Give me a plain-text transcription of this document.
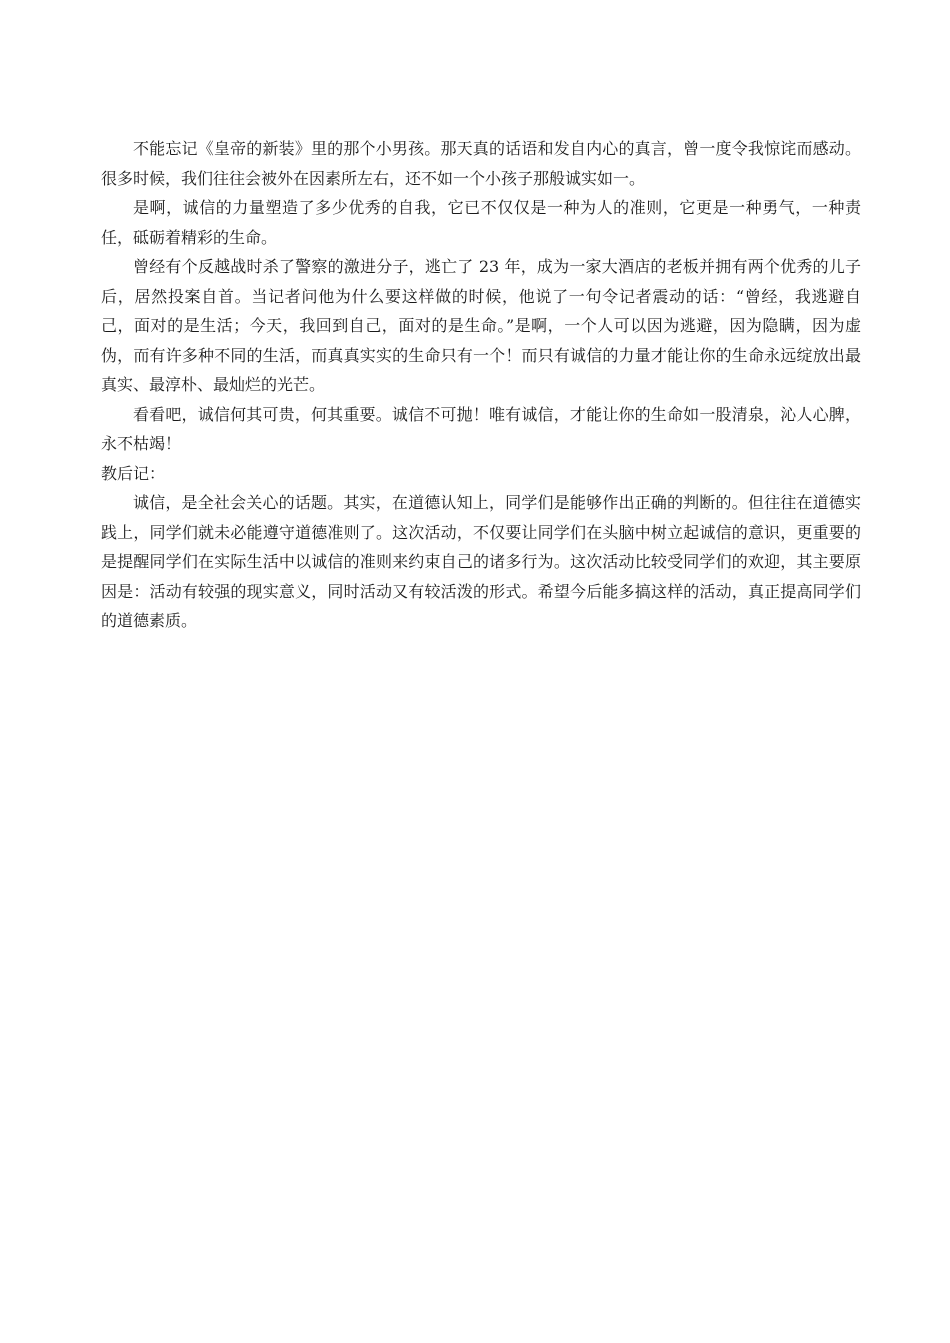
不能忘记《皇帝的新装》里的那个小男孩。那天真的话语和发自内心的真言，曾一度令我惊诧而感动。很多时候，我们往往会被外在因素所左右，还不如一个小孩子那般诚实如一。

是啊，诚信的力量塑造了多少优秀的自我，它已不仅仅是一种为人的准则，它更是一种勇气，一种责任，砥砺着精彩的生命。

曾经有个反越战时杀了警察的激进分子，逃亡了 23 年，成为一家大酒店的老板并拥有两个优秀的儿子后，居然投案自首。当记者问他为什么要这样做的时候，他说了一句令记者震动的话：“曾经，我逃避自己，面对的是生活；今天，我回到自己，面对的是生命。”是啊，一个人可以因为逃避，因为隐瞒，因为虚伪，而有许多种不同的生活，而真真实实的生命只有一个！而只有诚信的力量才能让你的生命永远绽放出最真实、最淳朴、最灿烂的光芒。

看看吧，诚信何其可贵，何其重要。诚信不可抛！唯有诚信，才能让你的生命如一股清泉，沁人心脾，永不枯竭！

教后记：

诚信，是全社会关心的话题。其实，在道德认知上，同学们是能够作出正确的判断的。但往往在道德实践上，同学们就未必能遵守道德准则了。这次活动，不仅要让同学们在头脑中树立起诚信的意识，更重要的是提醒同学们在实际生活中以诚信的准则来约束自己的诸多行为。这次活动比较受同学们的欢迎，其主要原因是：活动有较强的现实意义，同时活动又有较活泼的形式。希望今后能多搞这样的活动，真正提高同学们的道德素质。
